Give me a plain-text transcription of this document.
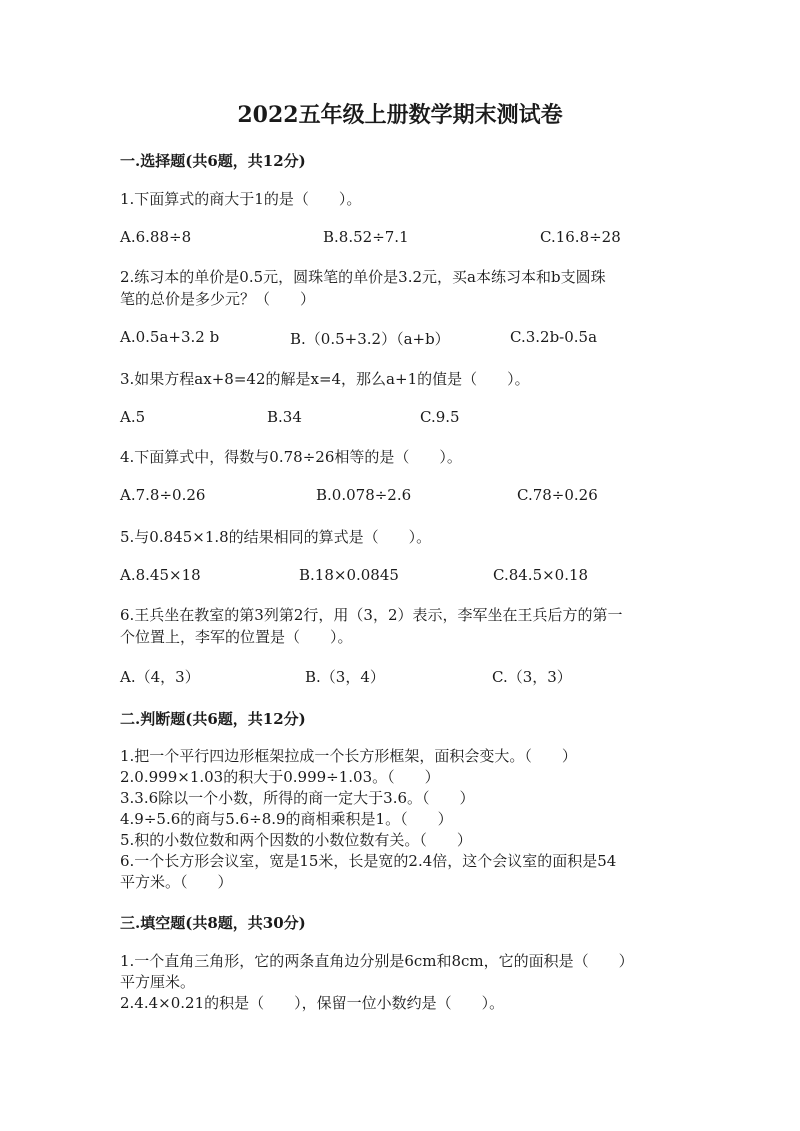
2022五年级上册数学期末测试卷
一.选择题(共6题，共12分)
1.下面算式的商大于1的是（　　）。
A.6.88÷8	B.8.52÷7.1	C.16.8÷28
2.练习本的单价是0.5元，圆珠笔的单价是3.2元，买a本练习本和b支圆珠
笔的总价是多少元？（　　）
A.0.5a+3.2 b	B.（0.5+3.2）（a+b）	C.3.2b-0.5a
3.如果方程ax+8=42的解是x=4，那么a+1的值是（　　）。
A.5	B.34	C.9.5
4.下面算式中，得数与0.78÷26相等的是（　　）。
A.7.8÷0.26	B.0.078÷2.6	C.78÷0.26
5.与0.845×1.8的结果相同的算式是（　　）。
A.8.45×18	B.18×0.0845	C.84.5×0.18
6.王兵坐在教室的第3列第2行，用（3，2）表示，李军坐在王兵后方的第一
个位置上，李军的位置是（　　）。
A.（4，3）	B.（3，4）	C.（3，3）
二.判断题(共6题，共12分)
1.把一个平行四边形框架拉成一个长方形框架，面积会变大。（　　）
2.0.999×1.03的积大于0.999÷1.03。（　　）
3.3.6除以一个小数，所得的商一定大于3.6。（　　）
4.9÷5.6的商与5.6÷8.9的商相乘积是1。（　　）
5.积的小数位数和两个因数的小数位数有关。（　　）
6.一个长方形会议室，宽是15米，长是宽的2.4倍，这个会议室的面积是54
平方米。（　　）
三.填空题(共8题，共30分)
1.一个直角三角形，它的两条直角边分别是6cm和8cm，它的面积是（　　）
平方厘米。
2.4.4×0.21的积是（　　），保留一位小数约是（　　）。
